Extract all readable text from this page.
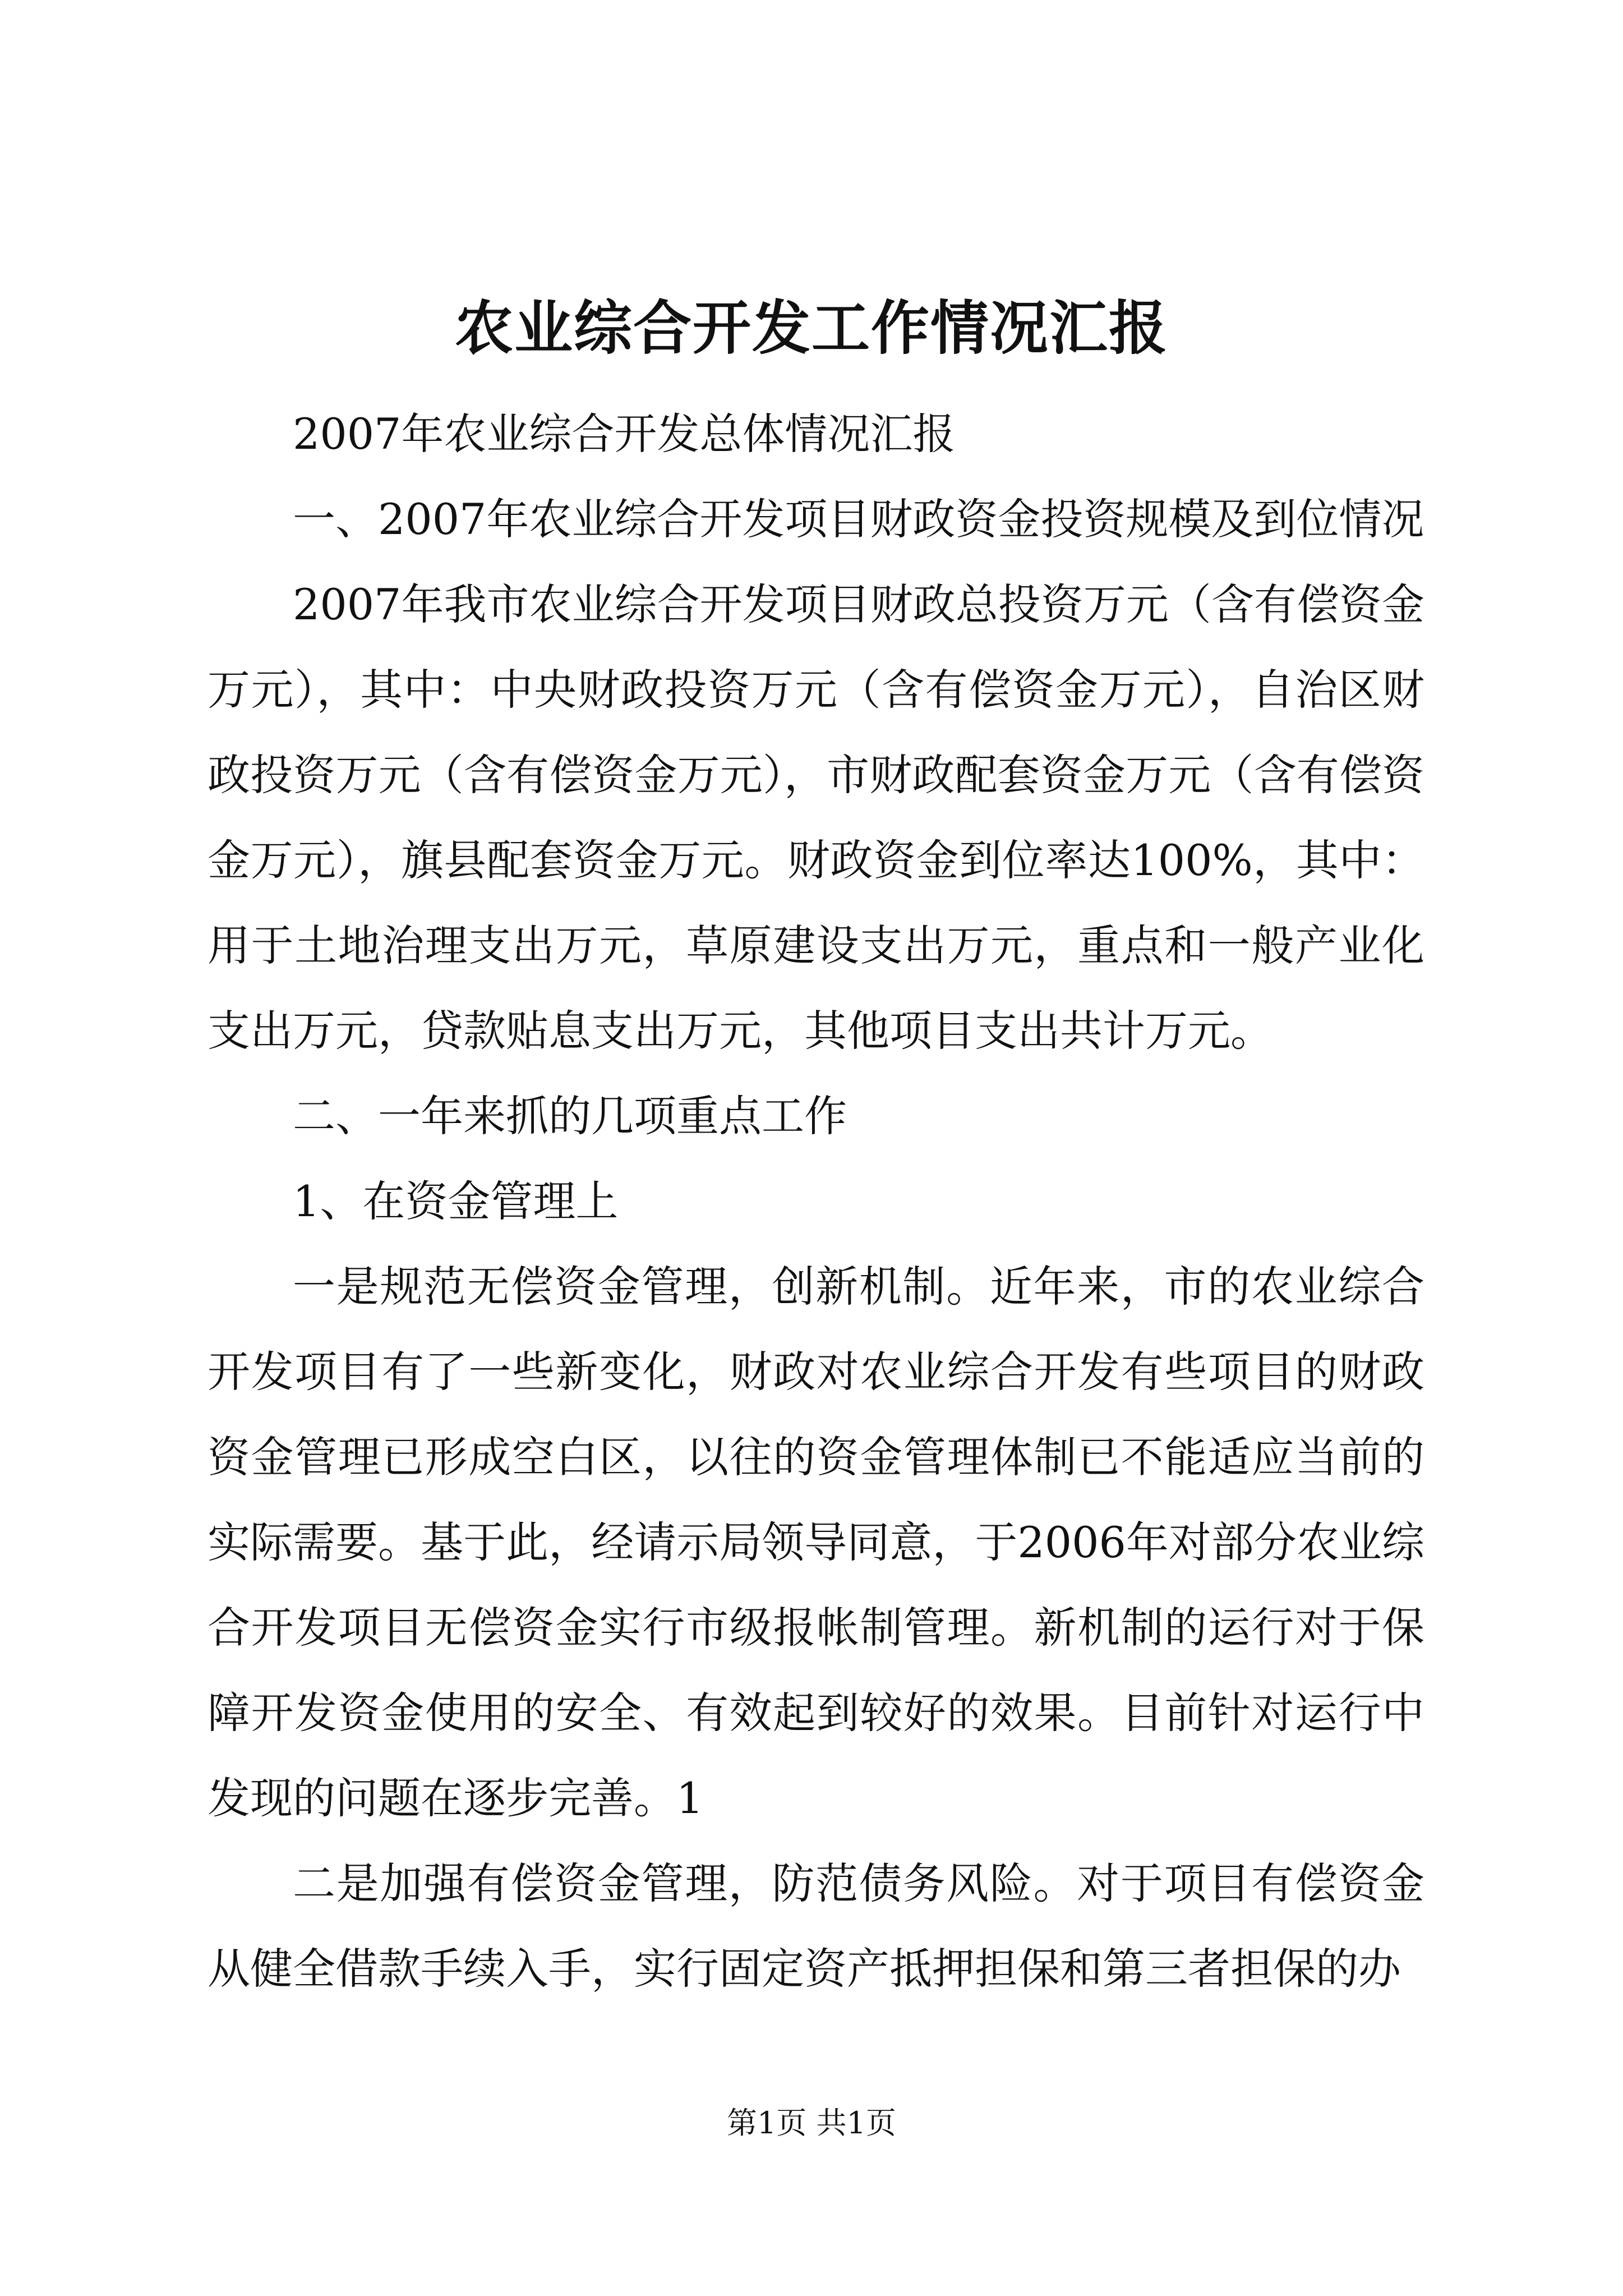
农业综合开发工作情况汇报

2007年农业综合开发总体情况汇报

一、2007年农业综合开发项目财政资金投资规模及到位情况

2007年我市农业综合开发项目财政总投资万元（含有偿资金万元），其中：中央财政投资万元（含有偿资金万元），自治区财政投资万元（含有偿资金万元），市财政配套资金万元（含有偿资金万元），旗县配套资金万元。财政资金到位率达100%，其中：用于土地治理支出万元，草原建设支出万元，重点和一般产业化支出万元，贷款贴息支出万元，其他项目支出共计万元。

二、一年来抓的几项重点工作

1、在资金管理上

一是规范无偿资金管理，创新机制。近年来，市的农业综合开发项目有了一些新变化，财政对农业综合开发有些项目的财政资金管理已形成空白区，以往的资金管理体制已不能适应当前的实际需要。基于此，经请示局领导同意，于2006年对部分农业综合开发项目无偿资金实行市级报帐制管理。新机制的运行对于保障开发资金使用的安全、有效起到较好的效果。目前针对运行中发现的问题在逐步完善。1

二是加强有偿资金管理，防范债务风险。对于项目有偿资金从健全借款手续入手，实行固定资产抵押担保和第三者担保的办

第1页 共1页
